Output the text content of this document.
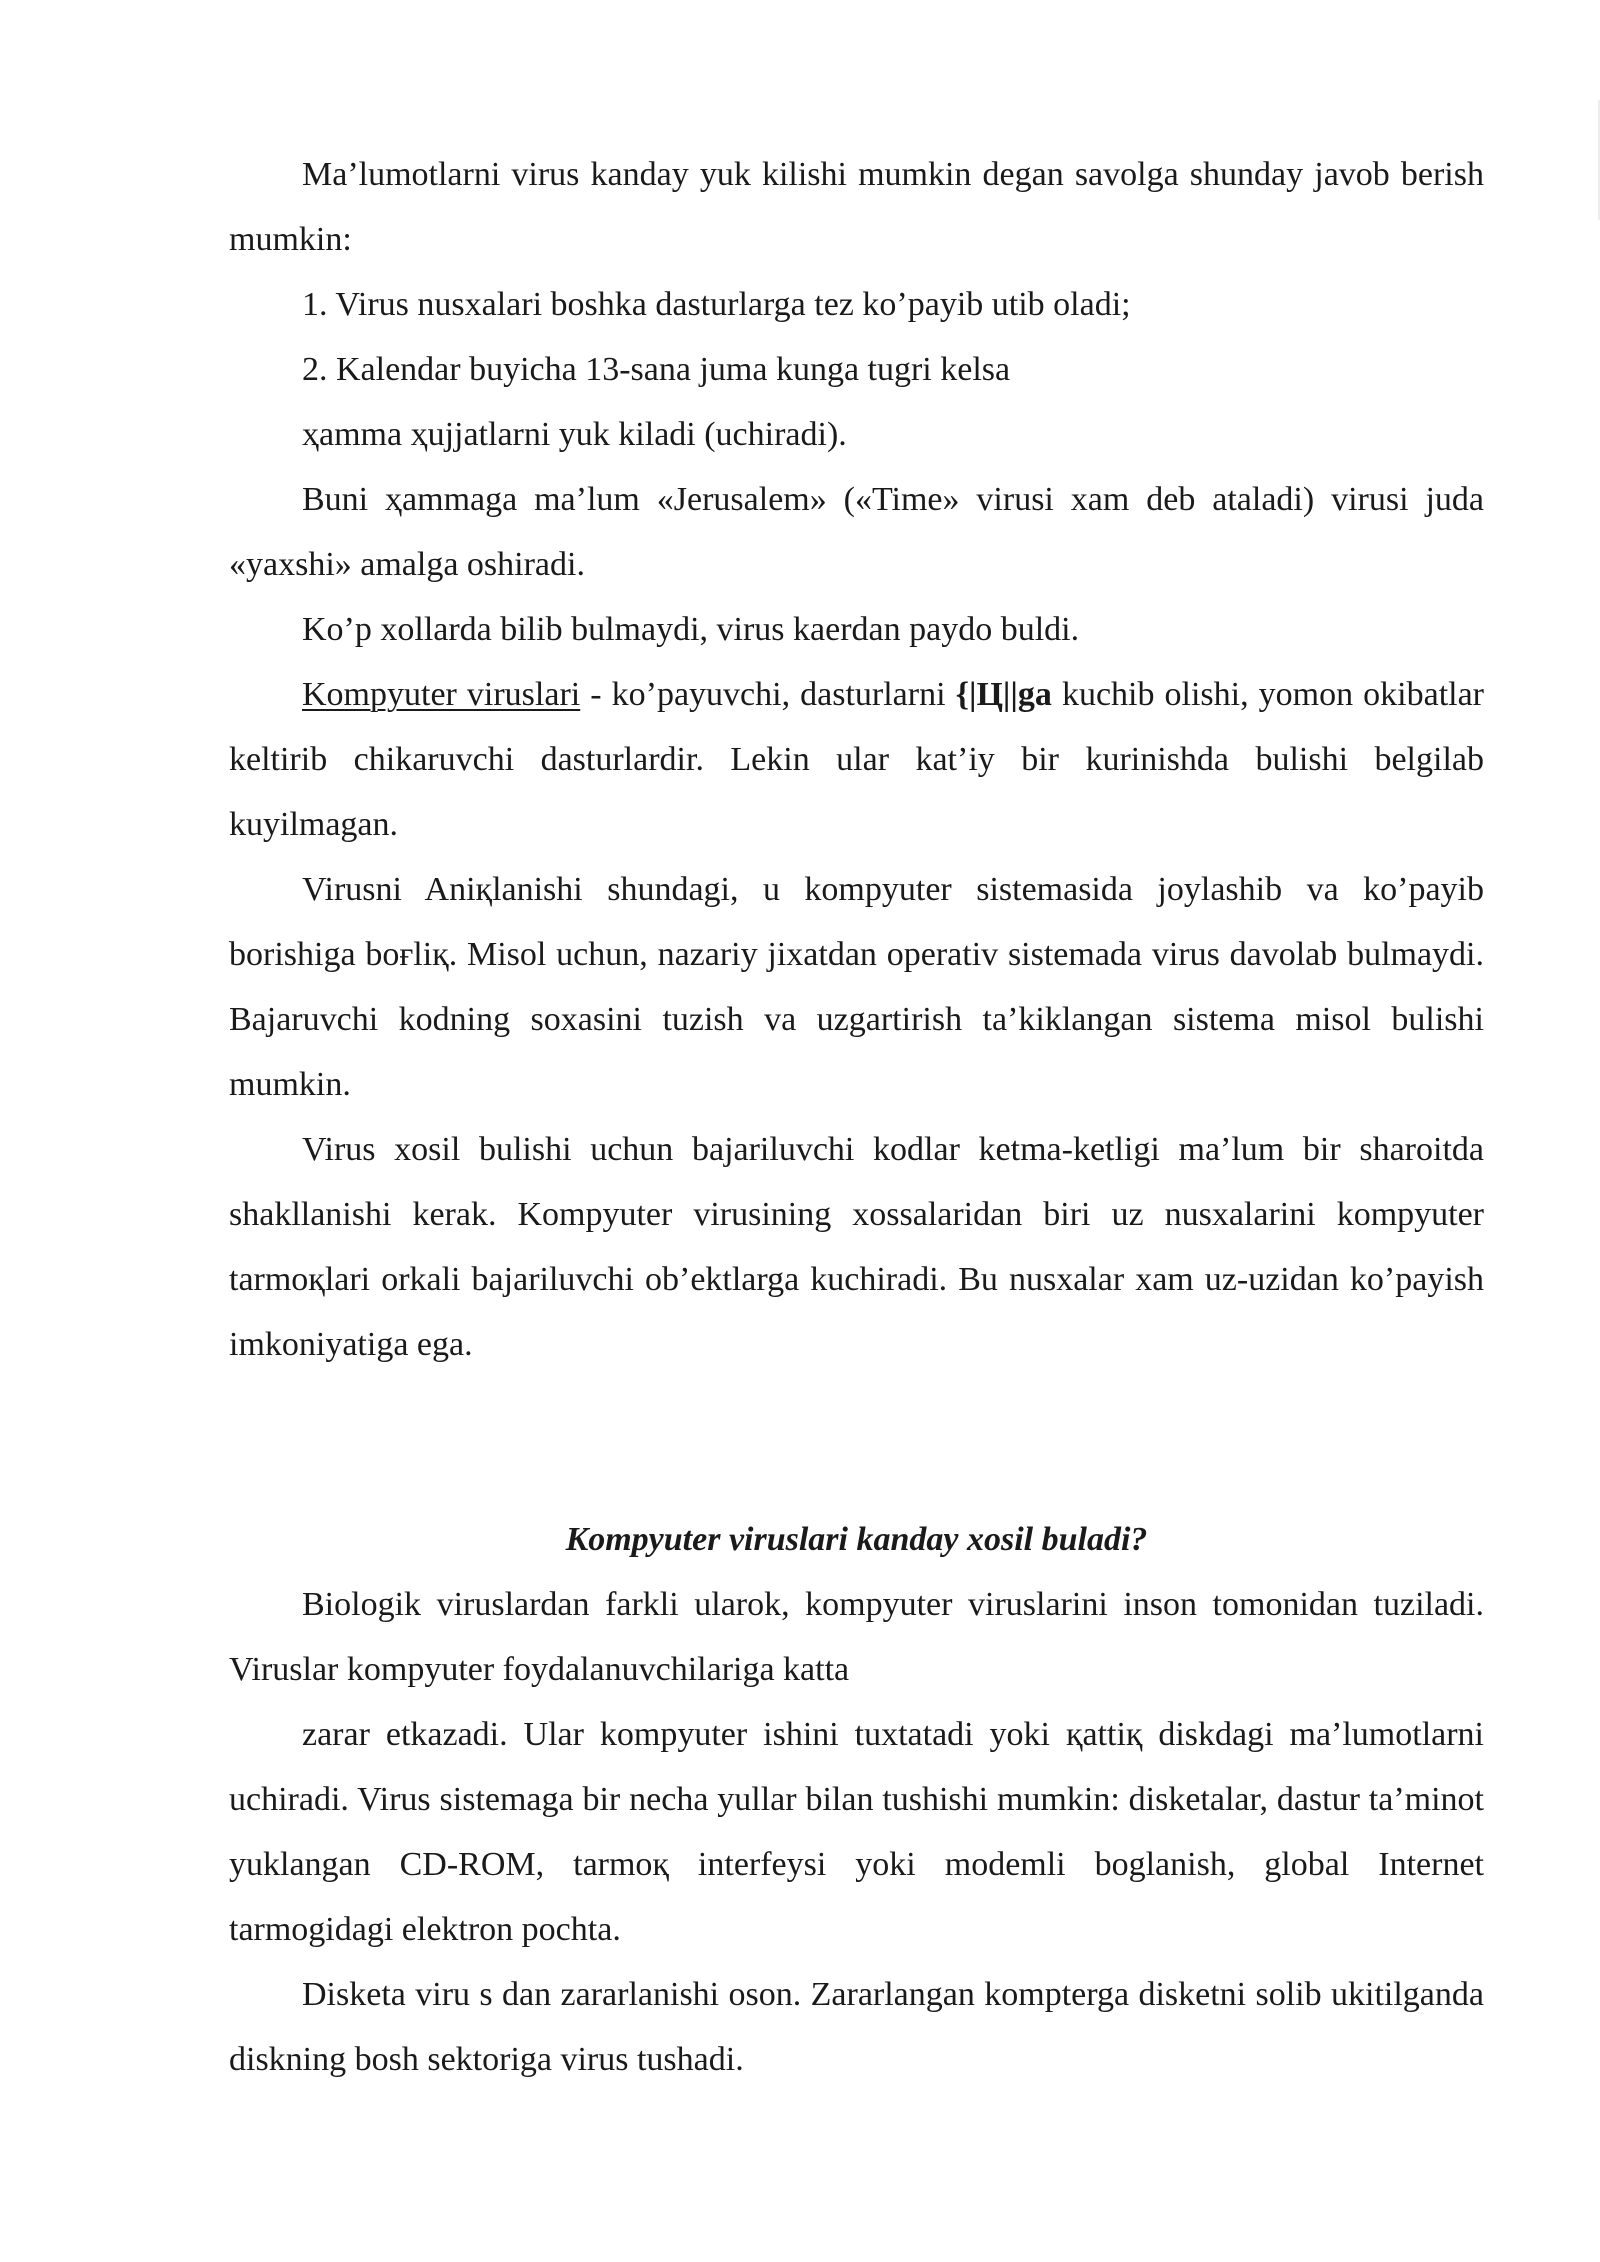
Ma’lumotlarni virus kanday yuk kilishi mumkin degan savolga shunday javob berish mumkin:

1. Virus nusxalari boshka dasturlarga tez ko’payib utib oladi;

2. Kalendar buyicha 13-sana juma kunga tugri kelsa

ҳamma ҳujjatlarni yuk kiladi (uchiradi).

Buni ҳammaga ma’lum «Jerusalem» («Time» virusi xam deb ataladi) virusi juda «yaxshi» amalga oshiradi.

Ko’p xollarda bilib bulmaydi, virus kaerdan paydo buldi.

Kompyuter viruslari - ko’payuvchi, dasturlarni {|Ц||ga kuchib olishi, yomon okibatlar keltirib chikaruvchi dasturlardir. Lekin ular kat’iy bir kurinishda bulishi belgilab kuyilmagan.

Virusni Aniқlanishi shundagi, u kompyuter sistemasida joylashib va ko’payib borishiga boғliқ. Misol uchun, nazariy jixatdan operativ sistemada virus davolab bulmaydi. Bajaruvchi kodning soxasini tuzish va uzgartirish ta’kiklangan sistema misol bulishi mumkin.

Virus xosil bulishi uchun bajariluvchi kodlar ketma-ketligi ma’lum bir sharoitda shakllanishi kerak. Kompyuter virusining xossalaridan biri uz nusxalarini kompyuter tarmoқlari orkali bajariluvchi ob’ektlarga kuchiradi. Bu nusxalar xam uz-uzidan ko’payish imkoniyatiga ega.

Kompyuter viruslari kanday xosil buladi?

Biologik viruslardan farkli ularok, kompyuter viruslarini inson tomonidan tuziladi. Viruslar kompyuter foydalanuvchilariga katta

zarar etkazadi. Ular kompyuter ishini tuxtatadi yoki қattiқ diskdagi ma’lumotlarni uchiradi. Virus sistemaga bir necha yullar bilan tushishi mumkin: disketalar, dastur ta’minot yuklangan CD-ROM, tarmoқ interfeysi yoki modemli boglanish, global Internet tarmogidagi elektron pochta.

Disketa viru s dan zararlanishi oson. Zararlangan kompterga disketni solib ukitilganda diskning bosh sektoriga virus tushadi.
